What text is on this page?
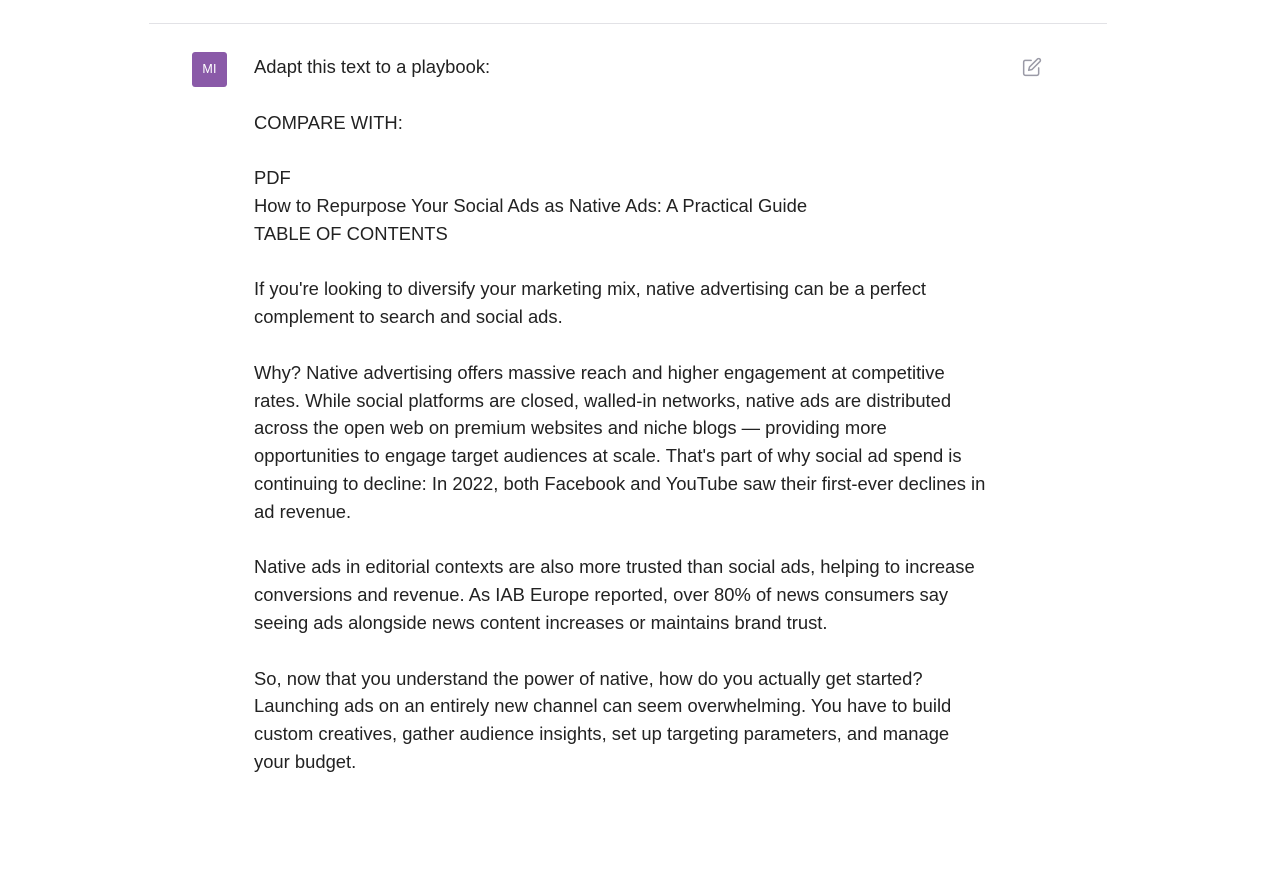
MI	Adapt this text to a playbook:

COMPARE WITH:

PDF
How to Repurpose Your Social Ads as Native Ads: A Practical Guide
TABLE OF CONTENTS

If you're looking to diversify your marketing mix, native advertising can be a perfect
complement to search and social ads.

Why? Native advertising offers massive reach and higher engagement at competitive
rates. While social platforms are closed, walled-in networks, native ads are distributed
across the open web on premium websites and niche blogs — providing more
opportunities to engage target audiences at scale. That's part of why social ad spend is
continuing to decline: In 2022, both Facebook and YouTube saw their first-ever declines in
ad revenue.

Native ads in editorial contexts are also more trusted than social ads, helping to increase
conversions and revenue. As IAB Europe reported, over 80% of news consumers say
seeing ads alongside news content increases or maintains brand trust.

So, now that you understand the power of native, how do you actually get started?
Launching ads on an entirely new channel can seem overwhelming. You have to build
custom creatives, gather audience insights, set up targeting parameters, and manage
your budget.
